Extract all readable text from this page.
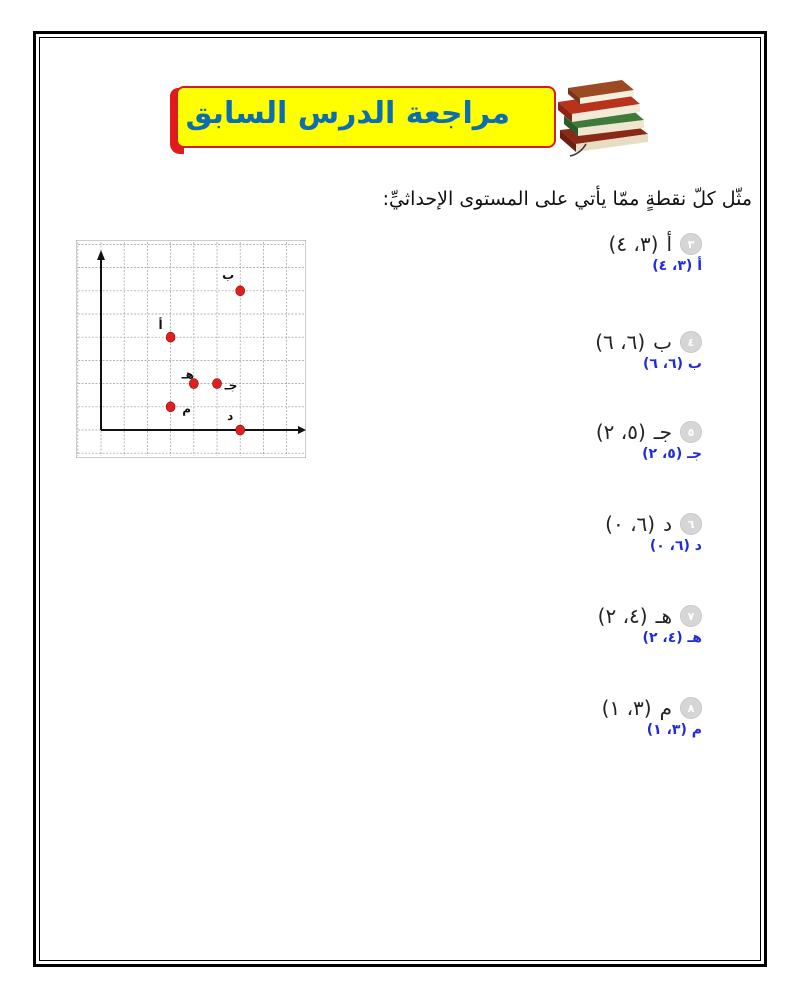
مراجعة الدرس السابق
مثّل كلّ نقطةٍ ممّا يأتي على المستوى الإحداثيِّ:
٣
أ
(٣، ٤)
أ (٣، ٤)
٤
ب
(٦، ٦)
ب (٦، ٦)
٥
جـ
(٥، ٢)
جـ (٥، ٢)
٦
د
(٦، ٠)
د (٦، ٠)
٧
هـ
(٤، ٢)
هـ (٤، ٢)
٨
م
(٣، ١)
م (٣، ١)
أ
ب
جـ
د
هـ
م
